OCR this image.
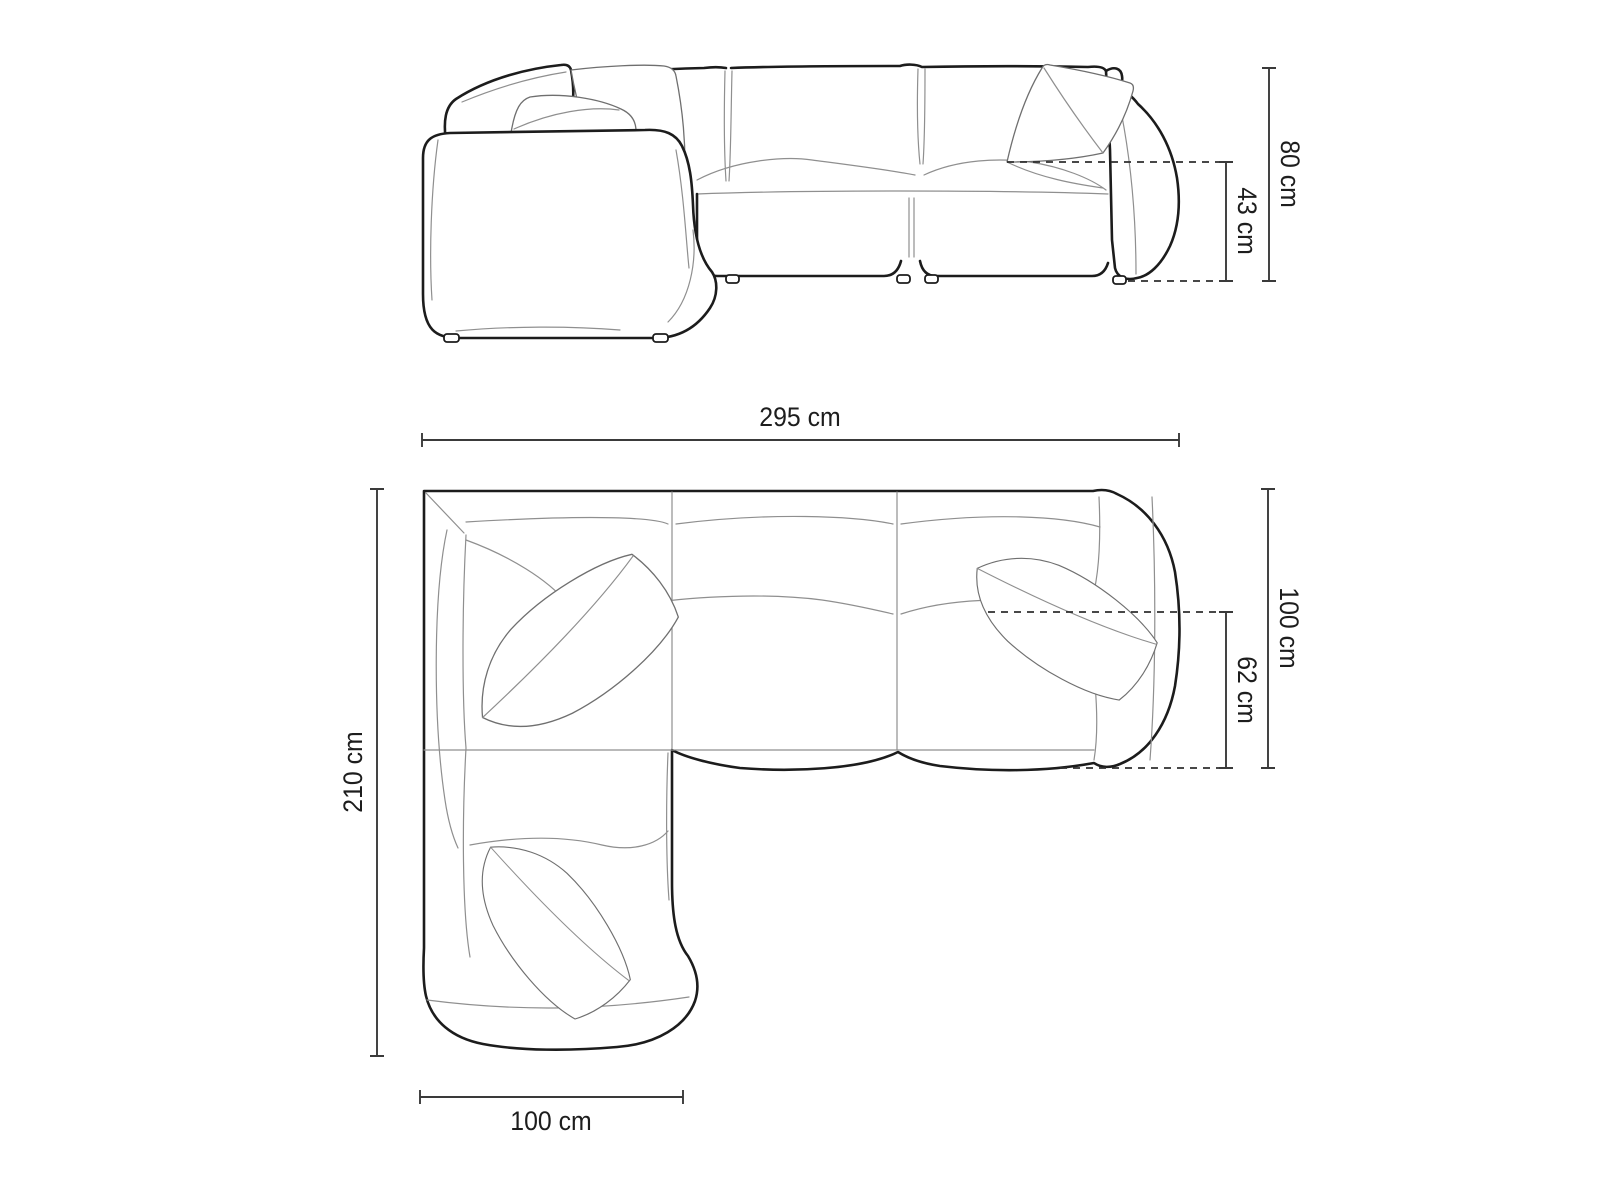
80 cm
43 cm
295 cm
100 cm
62 cm
210 cm
100 cm
